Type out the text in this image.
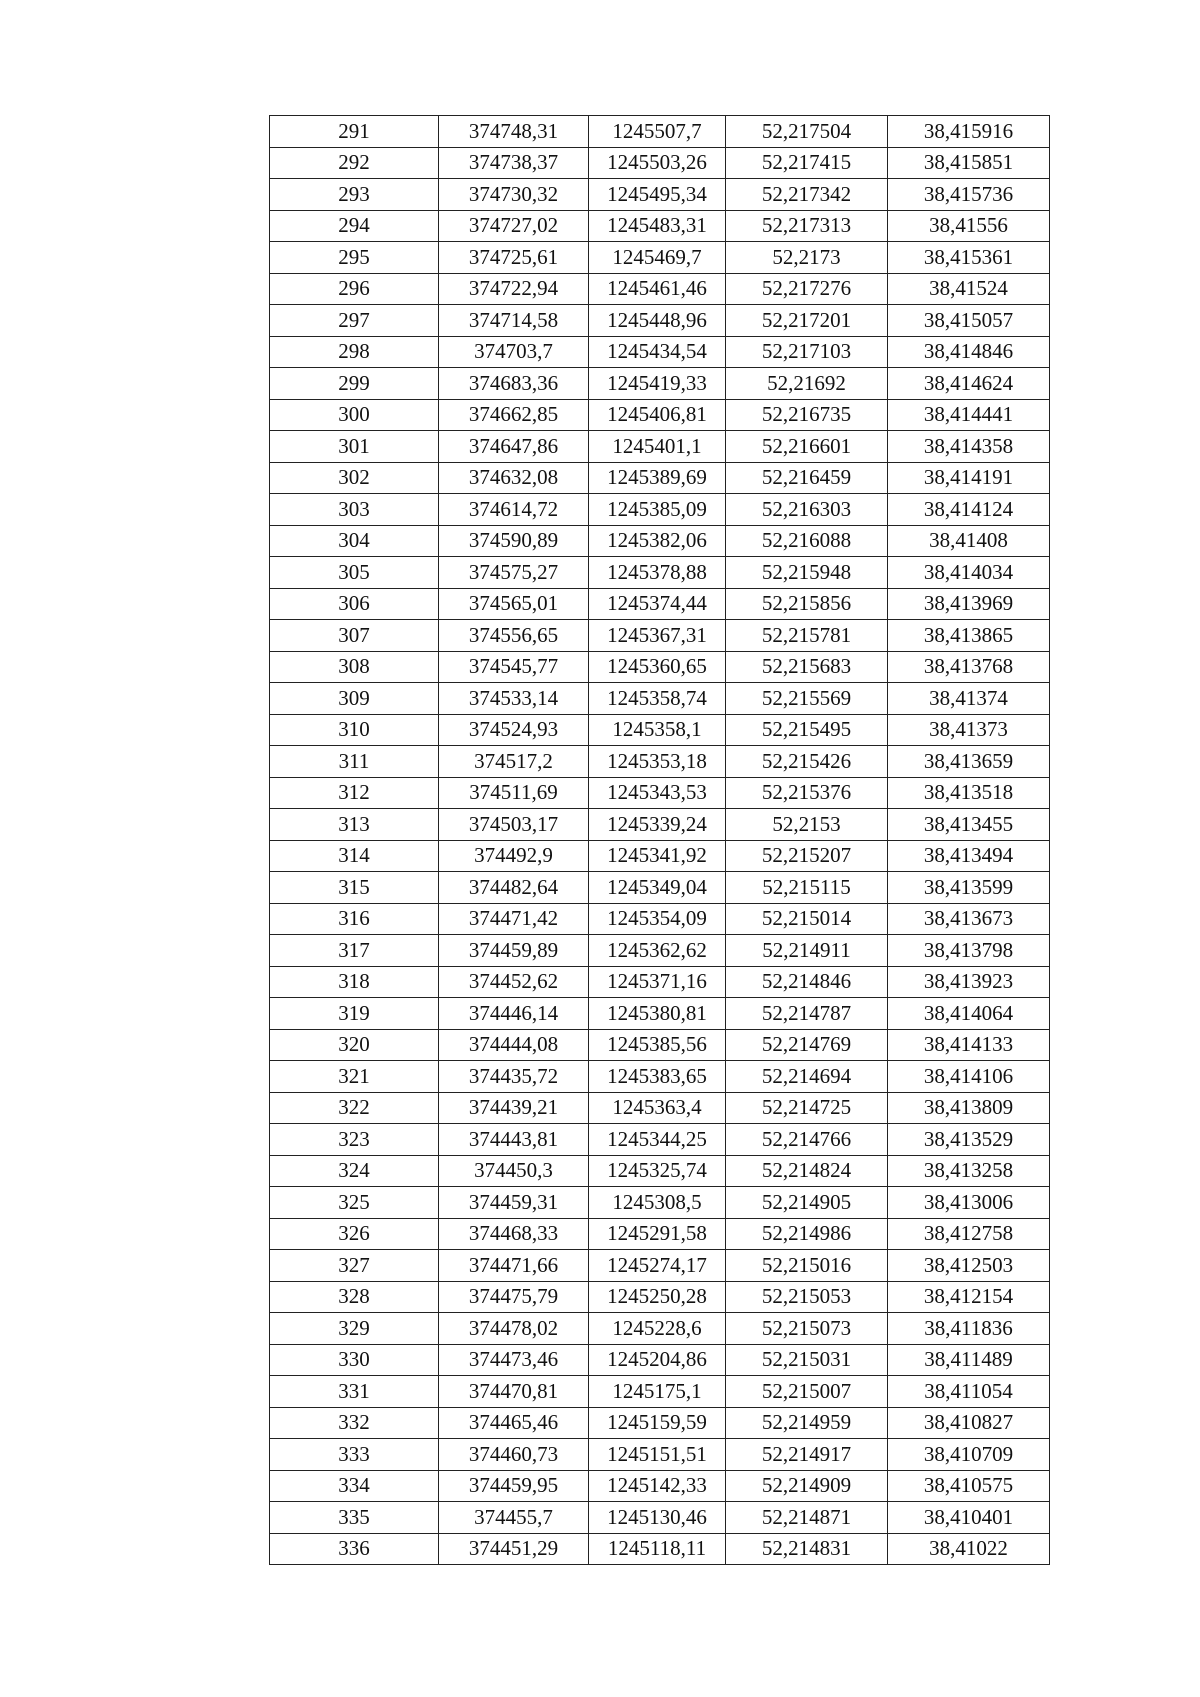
291	374748,31	1245507,7	52,217504	38,415916
292	374738,37	1245503,26	52,217415	38,415851
293	374730,32	1245495,34	52,217342	38,415736
294	374727,02	1245483,31	52,217313	38,41556
295	374725,61	1245469,7	52,2173	38,415361
296	374722,94	1245461,46	52,217276	38,41524
297	374714,58	1245448,96	52,217201	38,415057
298	374703,7	1245434,54	52,217103	38,414846
299	374683,36	1245419,33	52,21692	38,414624
300	374662,85	1245406,81	52,216735	38,414441
301	374647,86	1245401,1	52,216601	38,414358
302	374632,08	1245389,69	52,216459	38,414191
303	374614,72	1245385,09	52,216303	38,414124
304	374590,89	1245382,06	52,216088	38,41408
305	374575,27	1245378,88	52,215948	38,414034
306	374565,01	1245374,44	52,215856	38,413969
307	374556,65	1245367,31	52,215781	38,413865
308	374545,77	1245360,65	52,215683	38,413768
309	374533,14	1245358,74	52,215569	38,41374
310	374524,93	1245358,1	52,215495	38,41373
311	374517,2	1245353,18	52,215426	38,413659
312	374511,69	1245343,53	52,215376	38,413518
313	374503,17	1245339,24	52,2153	38,413455
314	374492,9	1245341,92	52,215207	38,413494
315	374482,64	1245349,04	52,215115	38,413599
316	374471,42	1245354,09	52,215014	38,413673
317	374459,89	1245362,62	52,214911	38,413798
318	374452,62	1245371,16	52,214846	38,413923
319	374446,14	1245380,81	52,214787	38,414064
320	374444,08	1245385,56	52,214769	38,414133
321	374435,72	1245383,65	52,214694	38,414106
322	374439,21	1245363,4	52,214725	38,413809
323	374443,81	1245344,25	52,214766	38,413529
324	374450,3	1245325,74	52,214824	38,413258
325	374459,31	1245308,5	52,214905	38,413006
326	374468,33	1245291,58	52,214986	38,412758
327	374471,66	1245274,17	52,215016	38,412503
328	374475,79	1245250,28	52,215053	38,412154
329	374478,02	1245228,6	52,215073	38,411836
330	374473,46	1245204,86	52,215031	38,411489
331	374470,81	1245175,1	52,215007	38,411054
332	374465,46	1245159,59	52,214959	38,410827
333	374460,73	1245151,51	52,214917	38,410709
334	374459,95	1245142,33	52,214909	38,410575
335	374455,7	1245130,46	52,214871	38,410401
336	374451,29	1245118,11	52,214831	38,41022
